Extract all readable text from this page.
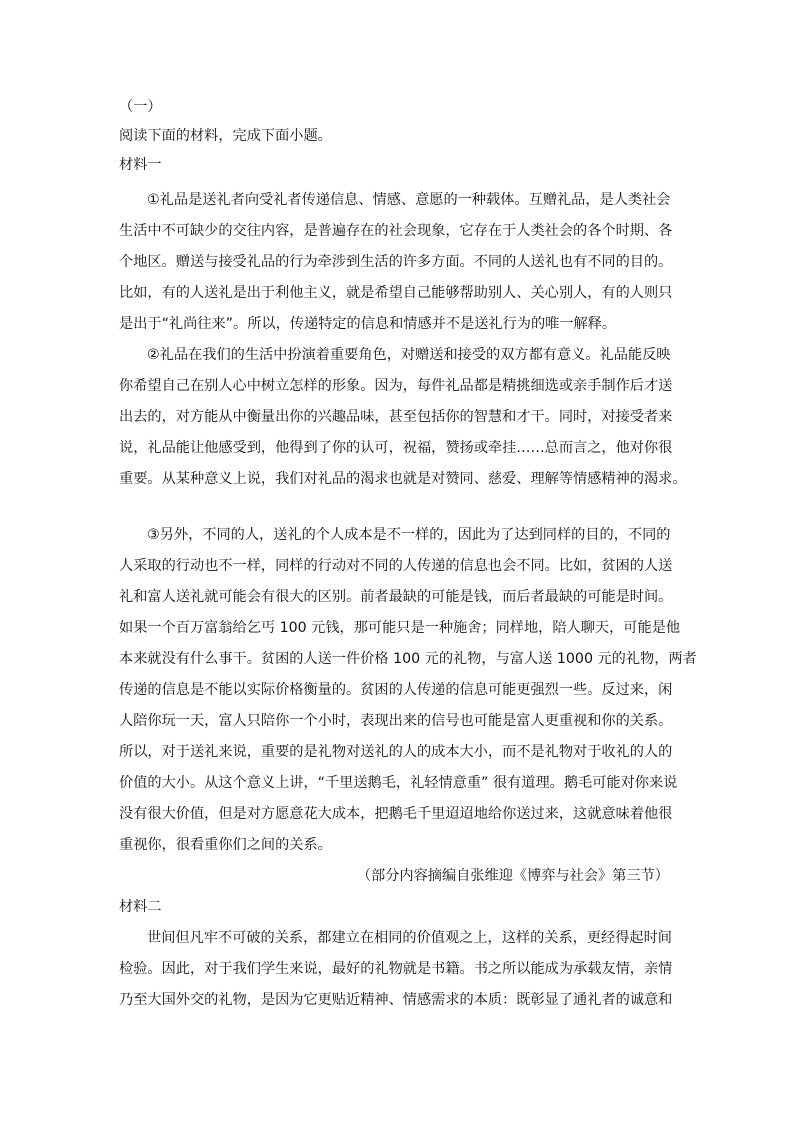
（一）
阅读下面的材料，完成下面小题。
材料一
①礼品是送礼者向受礼者传递信息、情感、意愿的一种载体。互赠礼品，是人类社会
生活中不可缺少的交往内容，是普遍存在的社会现象，它存在于人类社会的各个时期、各
个地区。赠送与接受礼品的行为牵涉到生活的许多方面。不同的人送礼也有不同的目的。
比如，有的人送礼是出于利他主义，就是希望自己能够帮助别人、关心别人，有的人则只
是出于“礼尚往来”。所以，传递特定的信息和情感并不是送礼行为的唯一解释。
②礼品在我们的生活中扮演着重要角色，对赠送和接受的双方都有意义。礼品能反映
你希望自己在别人心中树立怎样的形象。因为，每件礼品都是精挑细选或亲手制作后才送
出去的，对方能从中衡量出你的兴趣品味，甚至包括你的智慧和才干。同时，对接受者来
说，礼品能让他感受到，他得到了你的认可，祝福，赞扬或牵挂……总而言之，他对你很
重要。从某种意义上说，我们对礼品的渴求也就是对赞同、慈爱、理解等情感精神的渴求。
③另外，不同的人，送礼的个人成本是不一样的，因此为了达到同样的目的，不同的
人采取的行动也不一样，同样的行动对不同的人传递的信息也会不同。比如，贫困的人送
礼和富人送礼就可能会有很大的区别。前者最缺的可能是钱，而后者最缺的可能是时间。
如果一个百万富翁给乞丐 100 元钱，那可能只是一种施舍；同样地，陪人聊天，可能是他
本来就没有什么事干。贫困的人送一件价格 100 元的礼物，与富人送 1000 元的礼物，两者
传递的信息是不能以实际价格衡量的。贫困的人传递的信息可能更强烈一些。反过来，闲
人陪你玩一天，富人只陪你一个小时，表现出来的信号也可能是富人更重视和你的关系。
所以，对于送礼来说，重要的是礼物对送礼的人的成本大小，而不是礼物对于收礼的人的
价值的大小。从这个意义上讲，“千里送鹅毛，礼轻情意重” 很有道理。鹅毛可能对你来说
没有很大价值，但是对方愿意花大成本，把鹅毛千里迢迢地给你送过来，这就意味着他很
重视你，很看重你们之间的关系。
（部分内容摘编自张维迎《博弈与社会》第三节）
材料二
世间但凡牢不可破的关系，都建立在相同的价值观之上，这样的关系，更经得起时间
检验。因此，对于我们学生来说，最好的礼物就是书籍。书之所以能成为承载友情，亲情
乃至大国外交的礼物，是因为它更贴近精神、情感需求的本质：既彰显了通礼者的诚意和
